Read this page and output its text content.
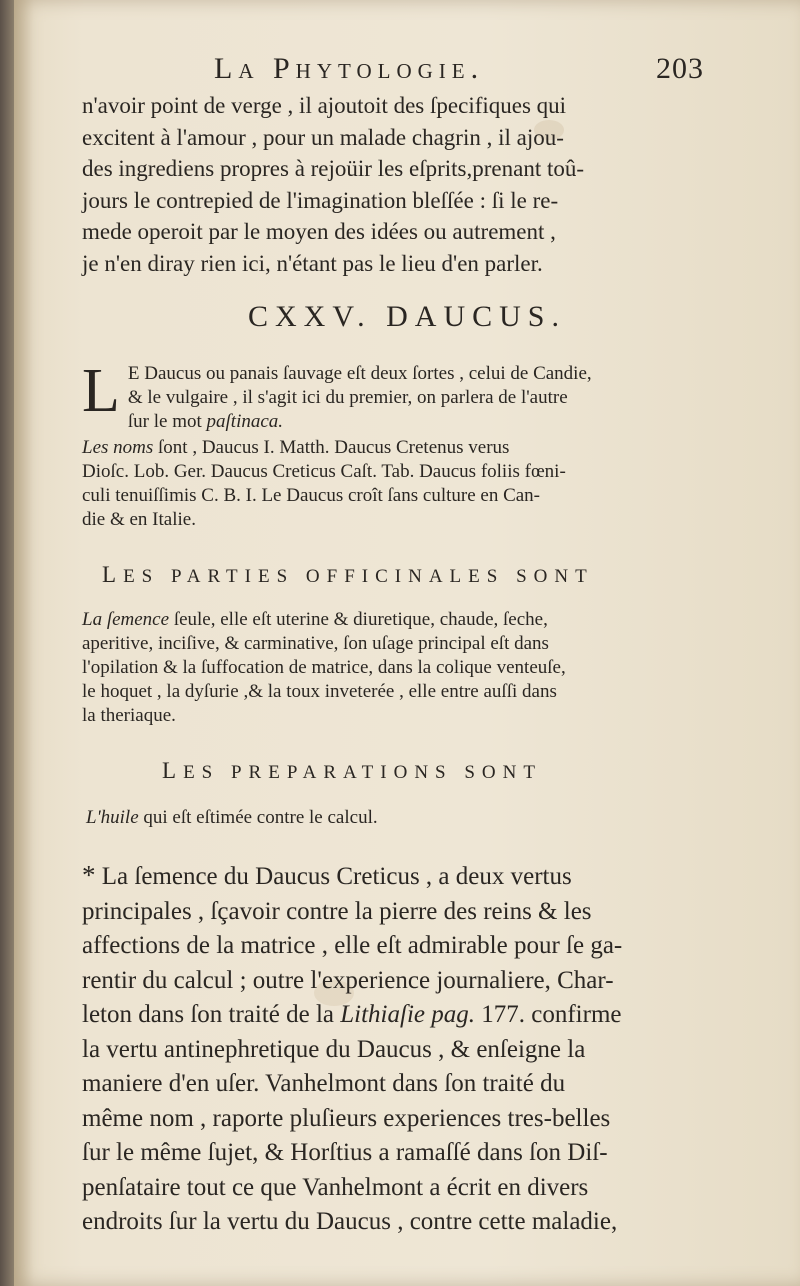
La Phytologie.	203
n'avoir point de verge , il ajoutoit des ſpecifiques qui
excitent à l'amour , pour un malade chagrin , il ajou-
des ingrediens propres à rejoüir les eſprits,prenant toû-
jours le contrepied de l'imagination bleſſée : ſi le re-
mede operoit par le moyen des idées ou autrement ,
je n'en diray rien ici, n'étant pas le lieu d'en parler.
CXXV. DAUCUS.
L E Daucus ou panais ſauvage eſt deux ſortes , celui de Candie,
& le vulgaire , il s'agit ici du premier, on parlera de l'autre
ſur le mot paſtinaca.
Les noms ſont , Daucus I. Matth. Daucus Cretenus verus
Dioſc. Lob. Ger. Daucus Creticus Caſt. Tab. Daucus foliis fœni-
culi tenuiſſimis C. B. I. Le Daucus croît ſans culture en Can-
die & en Italie.
LES PARTIES OFFICINALES SONT
La ſemence ſeule, elle eſt uterine & diuretique, chaude, ſeche,
aperitive, inciſive, & carminative, ſon uſage principal eſt dans
l'opilation & la ſuffocation de matrice, dans la colique venteuſe,
le hoquet , la dyſurie ,& la toux inveterée , elle entre auſſi dans
la theriaque.
LES PREPARATIONS SONT
L'huile qui eſt eſtimée contre le calcul.
* La ſemence du Daucus Creticus , a deux vertus
principales , ſçavoir contre la pierre des reins & les
affections de la matrice , elle eſt admirable pour ſe ga-
rentir du calcul ; outre l'experience journaliere, Char-
leton dans ſon traité de la Lithiaſie pag. 177. confirme
la vertu antinephretique du Daucus , & enſeigne la
maniere d'en uſer. Vanhelmont dans ſon traité du
même nom , raporte pluſieurs experiences tres-belles
ſur le même ſujet, & Horſtius a ramaſſé dans ſon Diſ-
penſataire tout ce que Vanhelmont a écrit en divers
endroits ſur la vertu du Daucus , contre cette maladie,
